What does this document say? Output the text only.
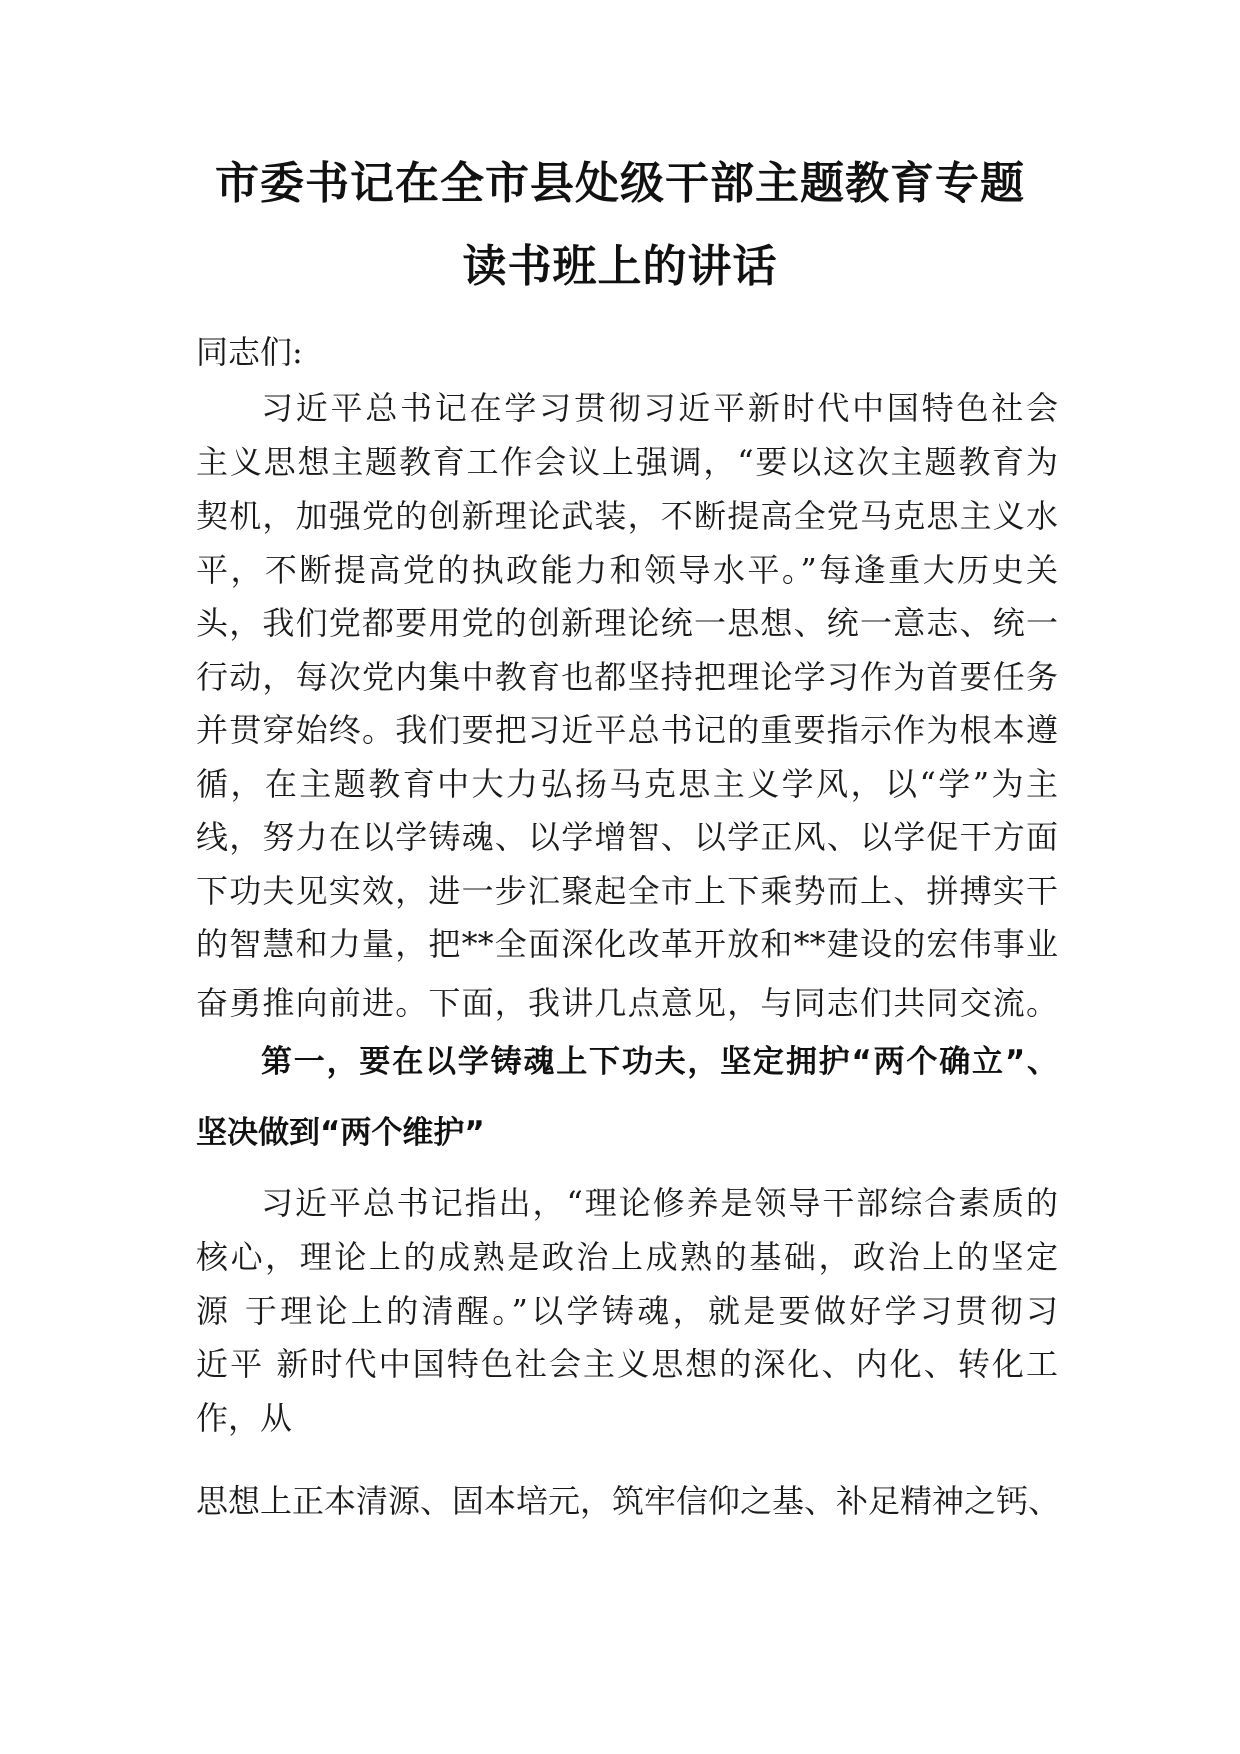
市委书记在全市县处级干部主题教育专题
读书班上的讲话
同志们:
习近平总书记在学习贯彻习近平新时代中国特色社会
主义思想主题教育工作会议上强调，“要以这次主题教育为
契机，加强党的创新理论武装，不断提高全党马克思主义水
平，不断提高党的执政能力和领导水平。”每逢重大历史关
头，我们党都要用党的创新理论统一思想、统一意志、统一
行动，每次党内集中教育也都坚持把理论学习作为首要任务
并贯穿始终。我们要把习近平总书记的重要指示作为根本遵
循，在主题教育中大力弘扬马克思主义学风，以“学”为主
线，努力在以学铸魂、以学增智、以学正风、以学促干方面
下功夫见实效，进一步汇聚起全市上下乘势而上、拼搏实干
的智慧和力量，把**全面深化改革开放和**建设的宏伟事业
奋勇推向前进。下面，我讲几点意见，与同志们共同交流。
第一，要在以学铸魂上下功夫，坚定拥护“两个确立”、
坚决做到“两个维护”
习近平总书记指出，“理论修养是领导干部综合素质的
核心，理论上的成熟是政治上成熟的基础，政治上的坚定
源 于理论上的清醒。”以学铸魂，就是要做好学习贯彻习
近平 新时代中国特色社会主义思想的深化、内化、转化工
作，从
思想上正本清源、固本培元，筑牢信仰之基、补足精神之钙、
